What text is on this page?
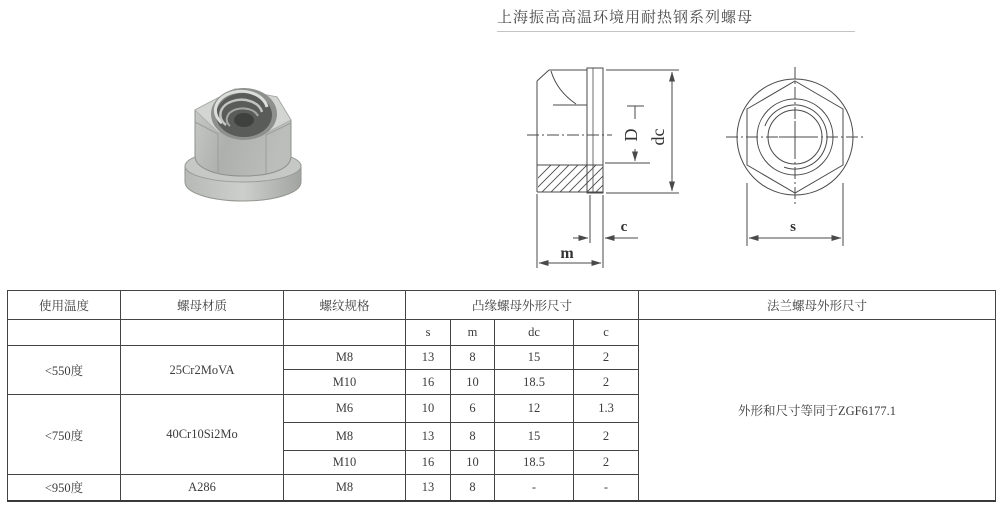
上海振高高温环境用耐热钢系列螺母
D dc
c
m
s
使用温度	螺母材质	螺纹规格	凸缘螺母外形尺寸				法兰螺母外形尺寸
			s	m	dc	c	外形和尺寸等同于ZGF6177.1
<550度	25Cr2MoVA	M8	13	8	15	2	
		M10	16	10	18.5	2	
<750度	40Cr10Si2Mo	M6	10	6	12	1.3	
		M8	13	8	15	2	
		M10	16	10	18.5	2	
<950度	A286	M8	13	8	-	-	
